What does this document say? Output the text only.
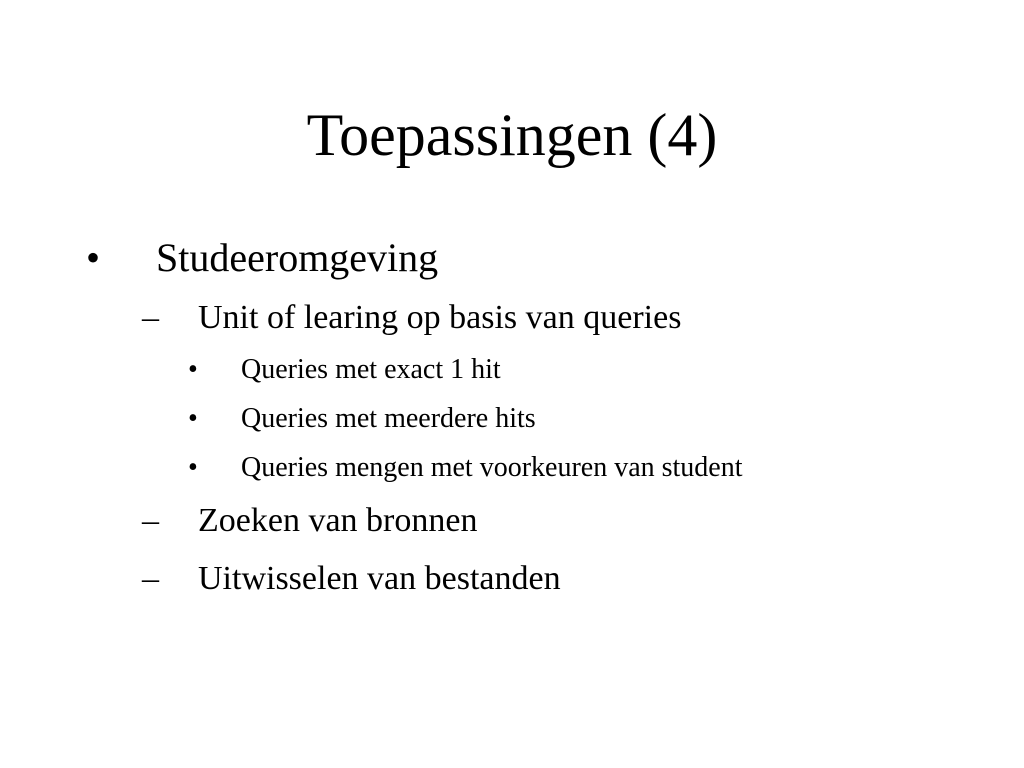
Toepassingen (4)
• Studeeromgeving
– Unit of learing op basis van queries
• Queries met exact 1 hit
• Queries met meerdere hits
• Queries mengen met voorkeuren van student
– Zoeken van bronnen
– Uitwisselen van bestanden
